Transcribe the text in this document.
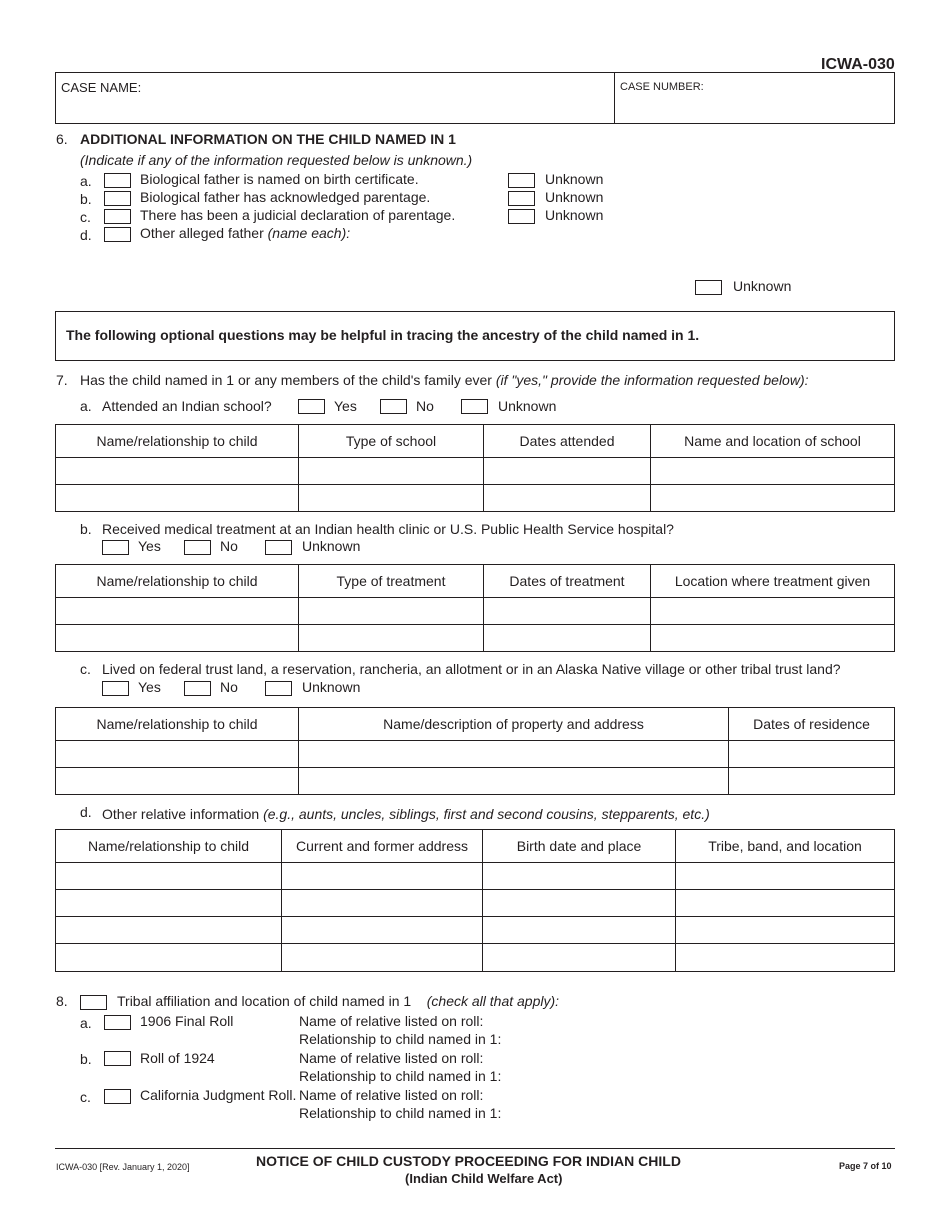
ICWA-030
CASE NAME:	CASE NUMBER:
6. ADDITIONAL INFORMATION ON THE CHILD NAMED IN 1
(Indicate if any of the information requested below is unknown.)
a.	Biological father is named on birth certificate.	Unknown
b.	Biological father has acknowledged parentage.	Unknown
c.	There has been a judicial declaration of parentage.	Unknown
d.	Other alleged father (name each):
Unknown
The following optional questions may be helpful in tracing the ancestry of the child named in 1.
7. Has the child named in 1 or any members of the child's family ever (if "yes," provide the information requested below):
a. Attended an Indian school?	Yes	No	Unknown
Name/relationship to child	Type of school	Dates attended	Name and location of school

b. Received medical treatment at an Indian health clinic or U.S. Public Health Service hospital?
Yes	No	Unknown
Name/relationship to child	Type of treatment	Dates of treatment	Location where treatment given

c. Lived on federal trust land, a reservation, rancheria, an allotment or in an Alaska Native village or other tribal trust land?
Yes	No	Unknown
Name/relationship to child	Name/description of property and address	Dates of residence

d. Other relative information (e.g., aunts, uncles, siblings, first and second cousins, stepparents, etc.)
Name/relationship to child	Current and former address	Birth date and place	Tribe, band, and location

8.	Tribal affiliation and location of child named in 1 (check all that apply):
a.	1906 Final Roll	Name of relative listed on roll:
Relationship to child named in 1:
b.	Roll of 1924	Name of relative listed on roll:
Relationship to child named in 1:
c.	California Judgment Roll. Name of relative listed on roll:
Relationship to child named in 1:
ICWA-030 [Rev. January 1, 2020]	NOTICE OF CHILD CUSTODY PROCEEDING FOR INDIAN CHILD
(Indian Child Welfare Act)
Page 7 of 10
